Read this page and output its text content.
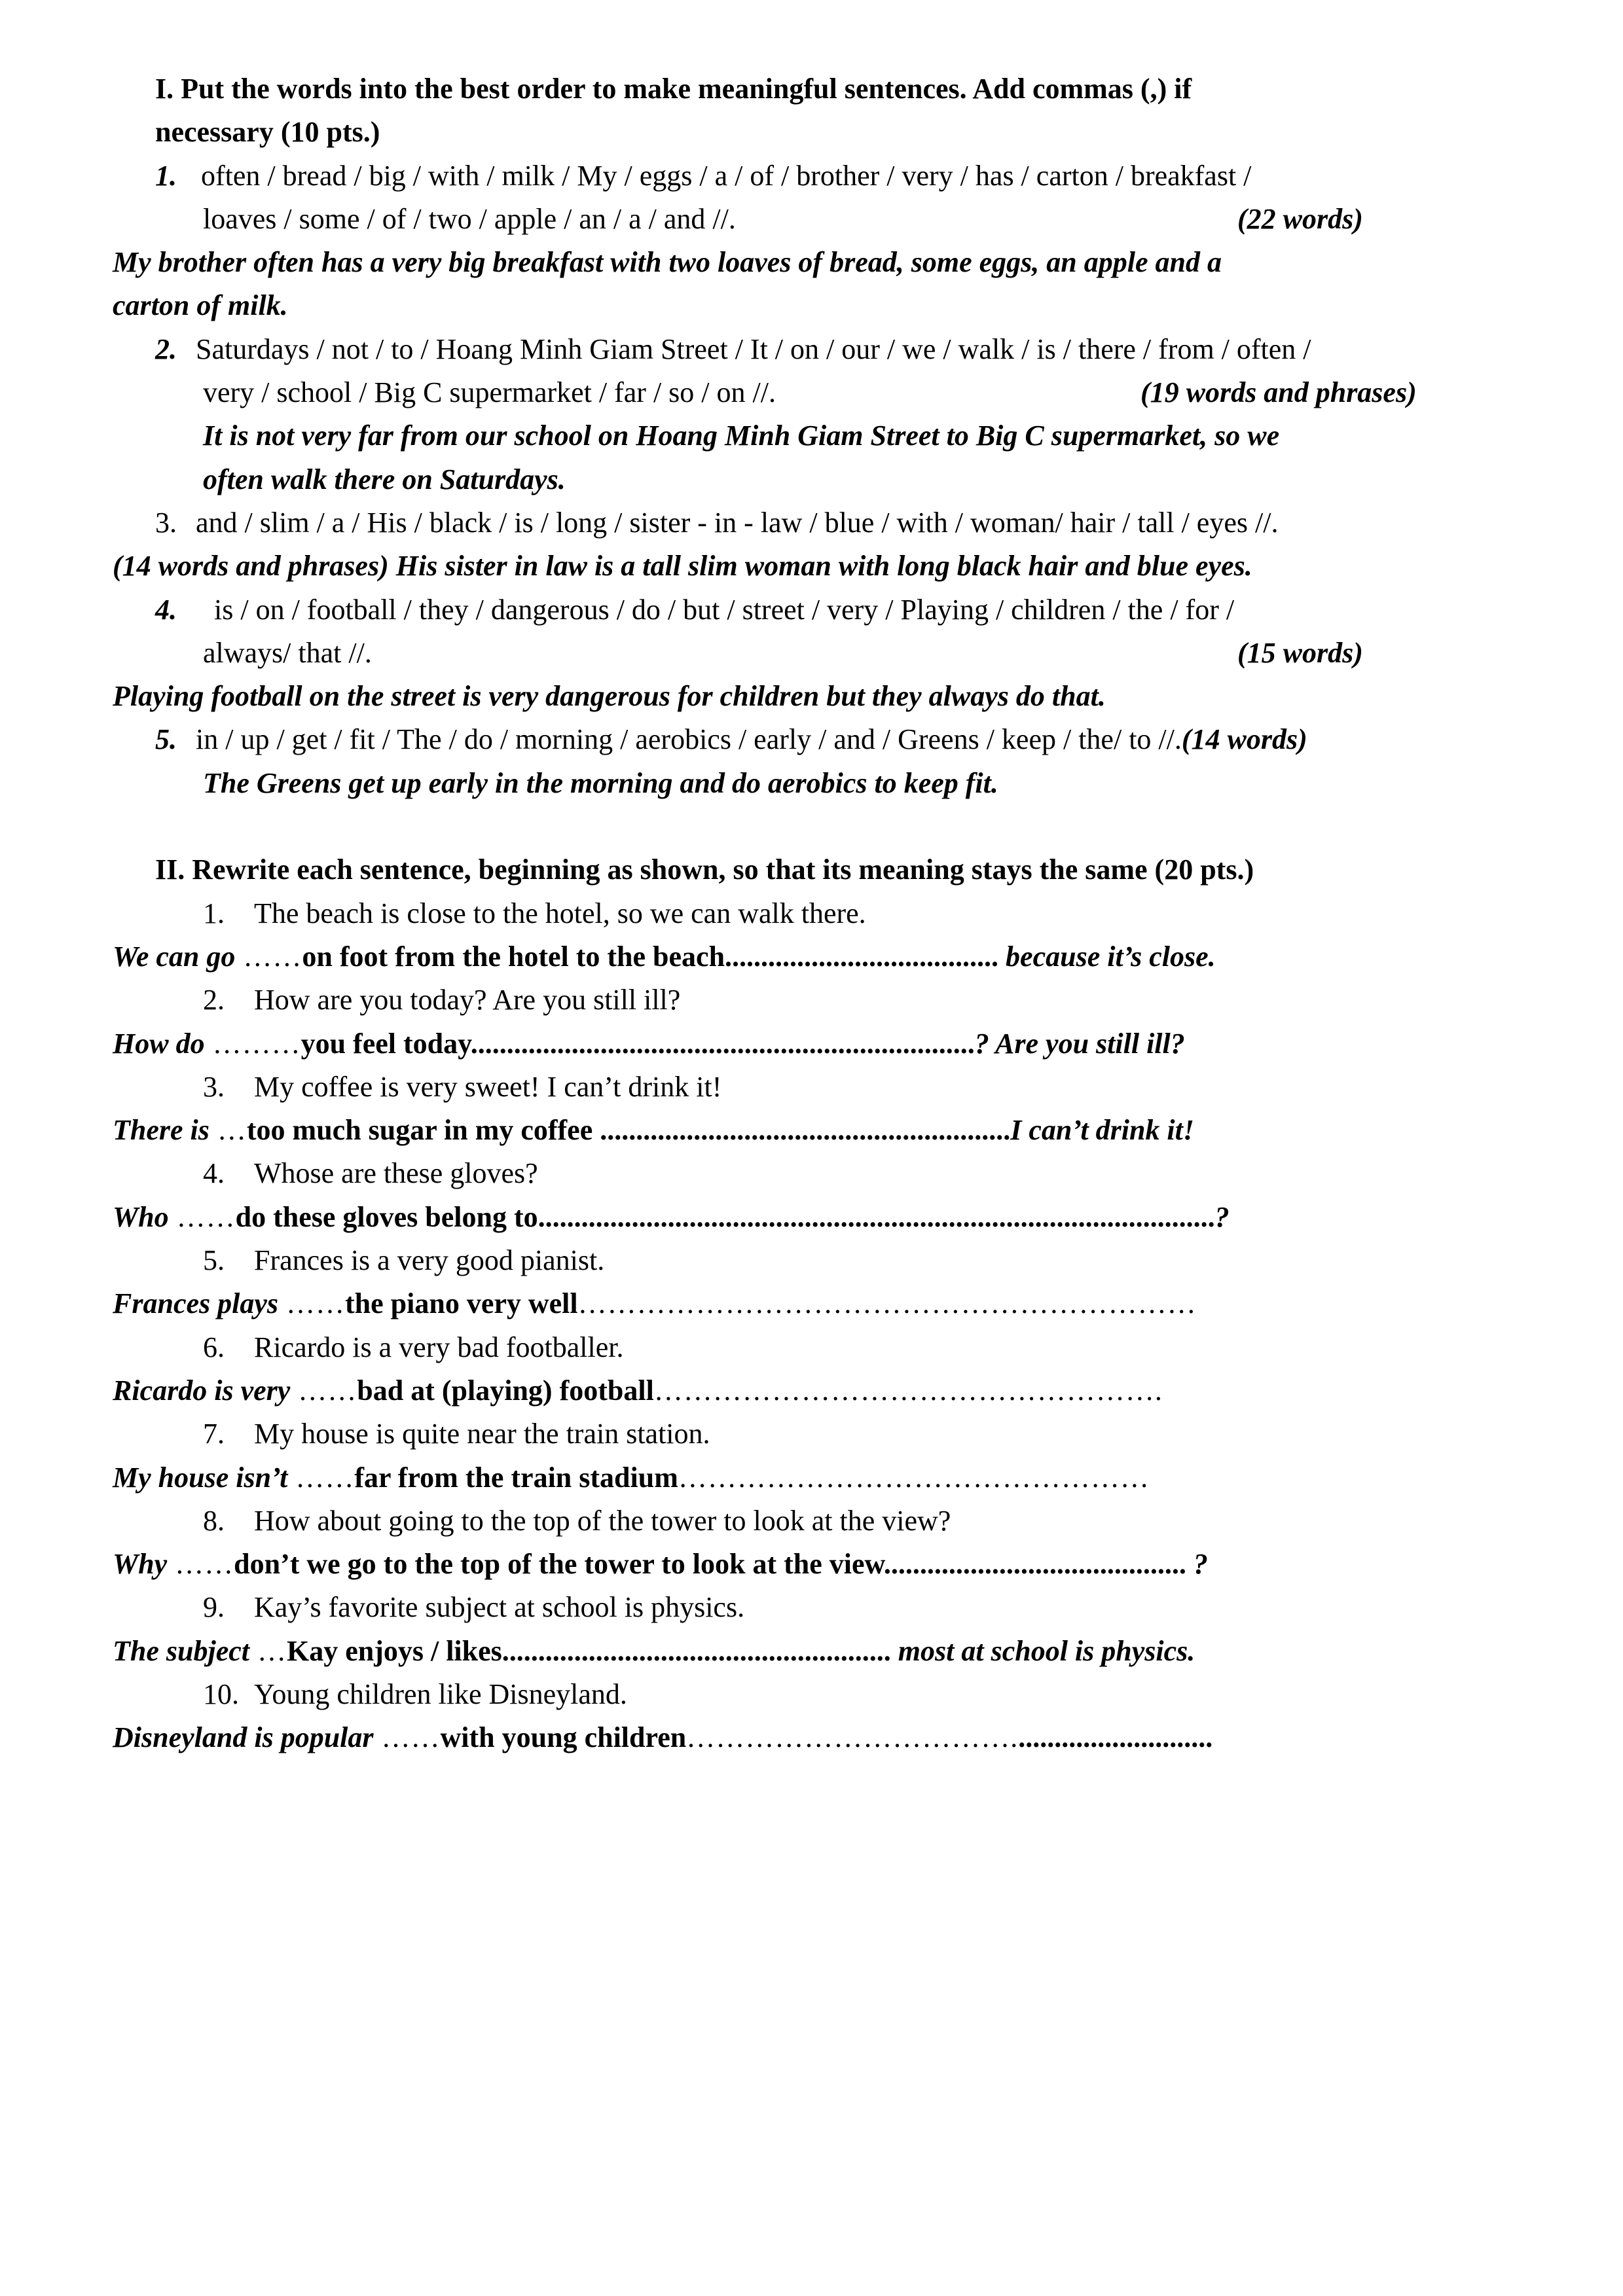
I. Put the words into the best order to make meaningful sentences. Add commas (,) if
necessary (10 pts.)
1. often / bread / big / with / milk / My / eggs / a / of / brother / very / has / carton / breakfast /
loaves / some / of / two / apple / an / a / and //.	(22 words)
My brother often has a very big breakfast with two loaves of bread, some eggs, an apple and a
carton of milk.
2. Saturdays / not / to / Hoang Minh Giam Street / It / on / our / we / walk / is / there / from / often /
very / school / Big C supermarket / far / so / on //.	(19 words and phrases)
It is not very far from our school on Hoang Minh Giam Street to Big C supermarket, so we
often walk there on Saturdays.
3. and / slim / a / His / black / is / long / sister - in - law / blue / with / woman/ hair / tall / eyes //.
(14 words and phrases) His sister in law is a tall slim woman with long black hair and blue eyes.
4. is / on / football / they / dangerous / do / but / street / very / Playing / children / the / for /
always/ that //.	(15 words)
Playing football on the street is very dangerous for children but they always do that.
5. in / up / get / fit / The / do / morning / aerobics / early / and / Greens / keep / the/ to //.(14 words)
The Greens get up early in the morning and do aerobics to keep fit.
II. Rewrite each sentence, beginning as shown, so that its meaning stays the same (20 pts.)
1. The beach is close to the hotel, so we can walk there.
We can go ……on foot from the hotel to the beach...................................... because it’s close.
2. How are you today? Are you still ill?
How do ………you feel today......................................................................? Are you still ill?
3. My coffee is very sweet! I can’t drink it!
There is …too much sugar in my coffee .........................................................I can’t drink it!
4. Whose are these gloves?
Who ……do these gloves belong to..............................................................................................?
5. Frances is a very good pianist.
Frances plays ……the piano very well………………………………………………………
6. Ricardo is a very bad footballer.
Ricardo is very ……bad at (playing) football…………………………………………….
7. My house is quite near the train station.
My house isn’t ……far from the train stadium…………………………………………
8. How about going to the top of the tower to look at the view?
Why ……don’t we go to the top of the tower to look at the view.......................................... ?
9. Kay’s favorite subject at school is physics.
The subject …Kay enjoys / likes...................................................... most at school is physics.
10. Young children like Disneyland.
Disneyland is popular ……with young children……………………………............................
